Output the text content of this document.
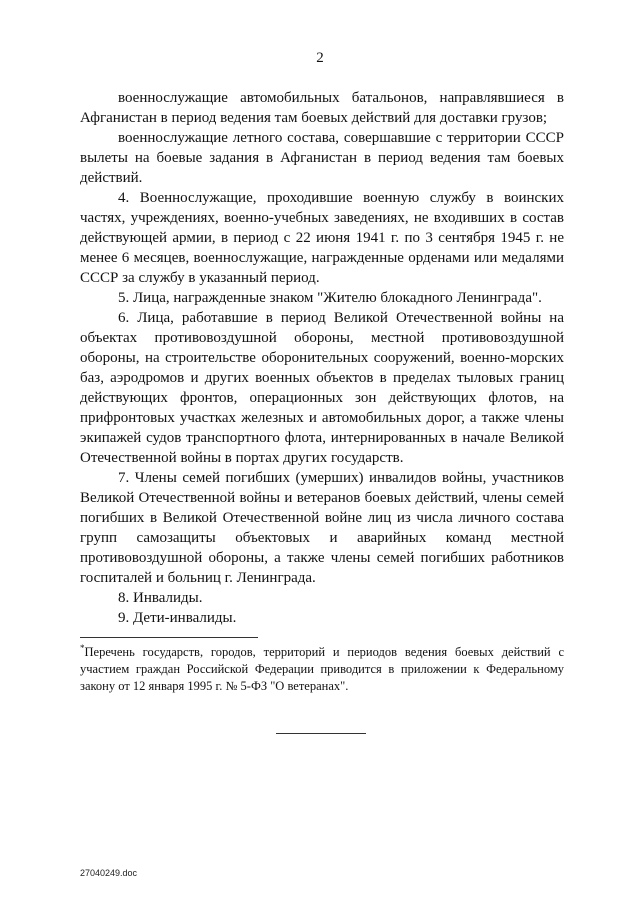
2

военнослужащие автомобильных батальонов, направлявшиеся в Афганистан в период ведения там боевых действий для доставки грузов;

военнослужащие летного состава, совершавшие с территории СССР вылеты на боевые задания в Афганистан в период ведения там боевых действий.

4. Военнослужащие, проходившие военную службу в воинских частях, учреждениях, военно-учебных заведениях, не входивших в состав действующей армии, в период с 22 июня 1941 г. по 3 сентября 1945 г. не менее 6 месяцев, военнослужащие, награжденные орденами или медалями СССР за службу в указанный период.

5. Лица, награжденные знаком "Жителю блокадного Ленинграда".

6. Лица, работавшие в период Великой Отечественной войны на объектах противовоздушной обороны, местной противовоздушной обороны, на строительстве оборонительных сооружений, военно-морских баз, аэродромов и других военных объектов в пределах тыловых границ действующих фронтов, операционных зон действующих флотов, на прифронтовых участках железных и автомобильных дорог, а также члены экипажей судов транспортного флота, интернированных в начале Великой Отечественной войны в портах других государств.

7. Члены семей погибших (умерших) инвалидов войны, участников Великой Отечественной войны и ветеранов боевых действий, члены семей погибших в Великой Отечественной войне лиц из числа личного состава групп самозащиты объектовых и аварийных команд местной противовоздушной обороны, а также члены семей погибших работников госпиталей и больниц г. Ленинграда.

8. Инвалиды.

9. Дети-инвалиды.

*Перечень государств, городов, территорий и периодов ведения боевых действий с участием граждан Российской Федерации приводится в приложении к Федеральному закону от 12 января 1995 г. № 5-ФЗ "О ветеранах".

27040249.doc
